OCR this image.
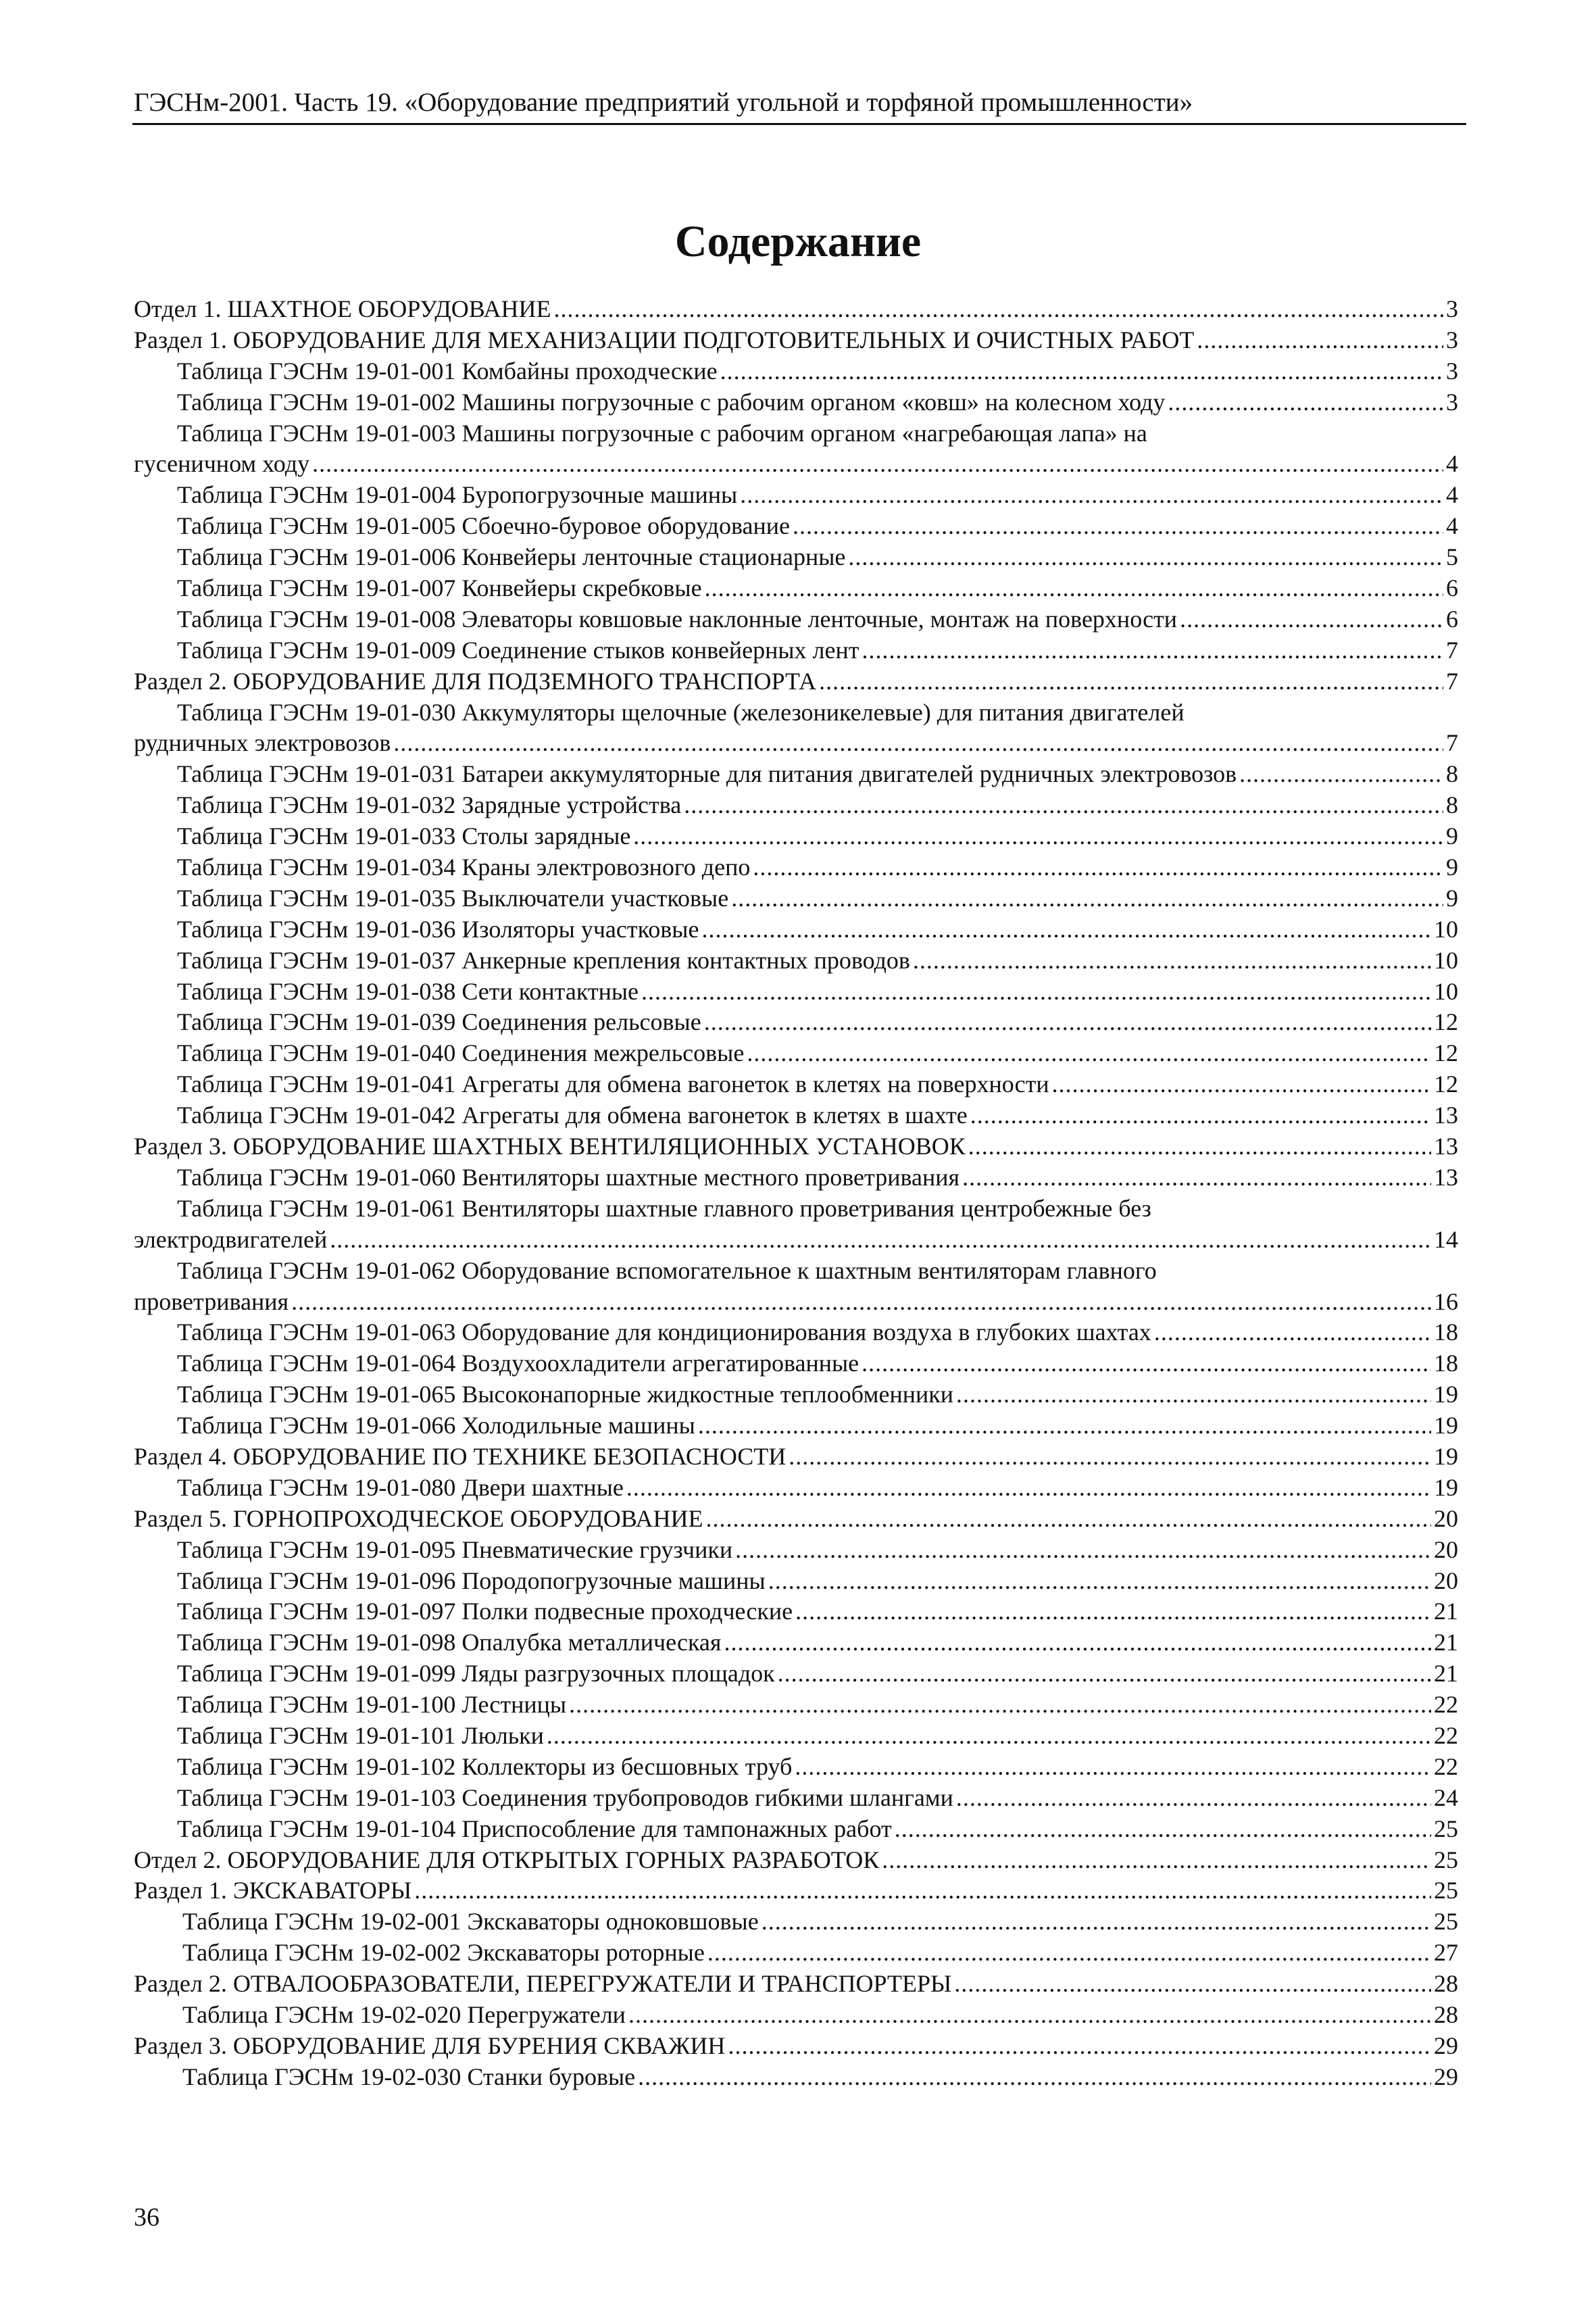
ГЭСНм-2001. Часть 19. «Оборудование предприятий угольной и торфяной промышленности»
Содержание
Отдел 1. ШАХТНОЕ ОБОРУДОВАНИЕ .....	3
Раздел 1. ОБОРУДОВАНИЕ ДЛЯ МЕХАНИЗАЦИИ ПОДГОТОВИТЕЛЬНЫХ И ОЧИСТНЫХ РАБОТ .....	3
Таблица ГЭСНм 19-01-001 Комбайны проходческие .....	3
Таблица ГЭСНм 19-01-002 Машины погрузочные с рабочим органом «ковш» на колесном ходу .....	3
Таблица ГЭСНм 19-01-003 Машины погрузочные с рабочим органом «нагребающая лапа» на
гусеничном ходу .....	4
Таблица ГЭСНм 19-01-004 Буропогрузочные машины .....	4
Таблица ГЭСНм 19-01-005 Сбоечно-буровое оборудование .....	4
Таблица ГЭСНм 19-01-006 Конвейеры ленточные стационарные .....	5
Таблица ГЭСНм 19-01-007 Конвейеры скребковые .....	6
Таблица ГЭСНм 19-01-008 Элеваторы ковшовые наклонные ленточные, монтаж на поверхности .....	6
Таблица ГЭСНм 19-01-009 Соединение стыков конвейерных лент .....	7
Раздел 2. ОБОРУДОВАНИЕ ДЛЯ ПОДЗЕМНОГО ТРАНСПОРТА .....	7
Таблица ГЭСНм 19-01-030 Аккумуляторы щелочные (железоникелевые) для питания двигателей
рудничных электровозов .....	7
Таблица ГЭСНм 19-01-031 Батареи аккумуляторные для питания двигателей рудничных электровозов .....	8
Таблица ГЭСНм 19-01-032 Зарядные устройства .....	8
Таблица ГЭСНм 19-01-033 Столы зарядные .....	9
Таблица ГЭСНм 19-01-034 Краны электровозного депо .....	9
Таблица ГЭСНм 19-01-035 Выключатели участковые .....	9
Таблица ГЭСНм 19-01-036 Изоляторы участковые .....	10
Таблица ГЭСНм 19-01-037 Анкерные крепления контактных проводов .....	10
Таблица ГЭСНм 19-01-038 Сети контактные .....	10
Таблица ГЭСНм 19-01-039 Соединения рельсовые .....	12
Таблица ГЭСНм 19-01-040 Соединения межрельсовые .....	12
Таблица ГЭСНм 19-01-041 Агрегаты для обмена вагонеток в клетях на поверхности .....	12
Таблица ГЭСНм 19-01-042 Агрегаты для обмена вагонеток в клетях в шахте .....	13
Раздел 3. ОБОРУДОВАНИЕ ШАХТНЫХ ВЕНТИЛЯЦИОННЫХ УСТАНОВОК .....	13
Таблица ГЭСНм 19-01-060 Вентиляторы шахтные местного проветривания .....	13
Таблица ГЭСНм 19-01-061 Вентиляторы шахтные главного проветривания центробежные без
электродвигателей .....	14
Таблица ГЭСНм 19-01-062 Оборудование вспомогательное к шахтным вентиляторам главного
проветривания .....	16
Таблица ГЭСНм 19-01-063 Оборудование для кондиционирования воздуха в глубоких шахтах .....	18
Таблица ГЭСНм 19-01-064 Воздухоохладители агрегатированные .....	18
Таблица ГЭСНм 19-01-065 Высоконапорные жидкостные теплообменники .....	19
Таблица ГЭСНм 19-01-066 Холодильные машины .....	19
Раздел 4. ОБОРУДОВАНИЕ ПО ТЕХНИКЕ БЕЗОПАСНОСТИ .....	19
Таблица ГЭСНм 19-01-080 Двери шахтные .....	19
Раздел 5. ГОРНОПРОХОДЧЕСКОЕ ОБОРУДОВАНИЕ .....	20
Таблица ГЭСНм 19-01-095 Пневматические грузчики .....	20
Таблица ГЭСНм 19-01-096 Породопогрузочные машины .....	20
Таблица ГЭСНм 19-01-097 Полки подвесные проходческие .....	21
Таблица ГЭСНм 19-01-098 Опалубка металлическая .....	21
Таблица ГЭСНм 19-01-099 Ляды разгрузочных площадок .....	21
Таблица ГЭСНм 19-01-100 Лестницы .....	22
Таблица ГЭСНм 19-01-101 Люльки .....	22
Таблица ГЭСНм 19-01-102 Коллекторы из бесшовных труб .....	22
Таблица ГЭСНм 19-01-103 Соединения трубопроводов гибкими шлангами .....	24
Таблица ГЭСНм 19-01-104 Приспособление для тампонажных работ .....	25
Отдел 2. ОБОРУДОВАНИЕ ДЛЯ ОТКРЫТЫХ ГОРНЫХ РАЗРАБОТОК .....	25
Раздел 1. ЭКСКАВАТОРЫ .....	25
Таблица ГЭСНм 19-02-001 Экскаваторы одноковшовые .....	25
Таблица ГЭСНм 19-02-002 Экскаваторы роторные .....	27
Раздел 2. ОТВАЛООБРАЗОВАТЕЛИ, ПЕРЕГРУЖАТЕЛИ И ТРАНСПОРТЕРЫ .....	28
Таблица ГЭСНм 19-02-020 Перегружатели .....	28
Раздел 3. ОБОРУДОВАНИЕ ДЛЯ БУРЕНИЯ СКВАЖИН .....	29
Таблица ГЭСНм 19-02-030 Станки буровые .....	29
36
